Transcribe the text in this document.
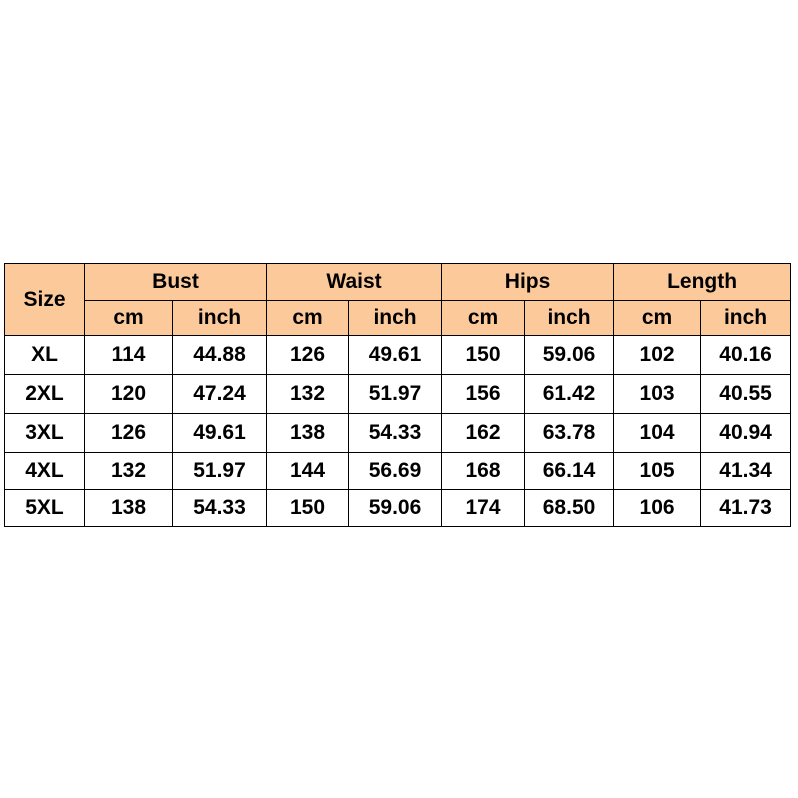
Size	Bust		Waist		Hips		Length	
	cm	inch	cm	inch	cm	inch	cm	inch
XL	114	44.88	126	49.61	150	59.06	102	40.16
2XL	120	47.24	132	51.97	156	61.42	103	40.55
3XL	126	49.61	138	54.33	162	63.78	104	40.94
4XL	132	51.97	144	56.69	168	66.14	105	41.34
5XL	138	54.33	150	59.06	174	68.50	106	41.73
